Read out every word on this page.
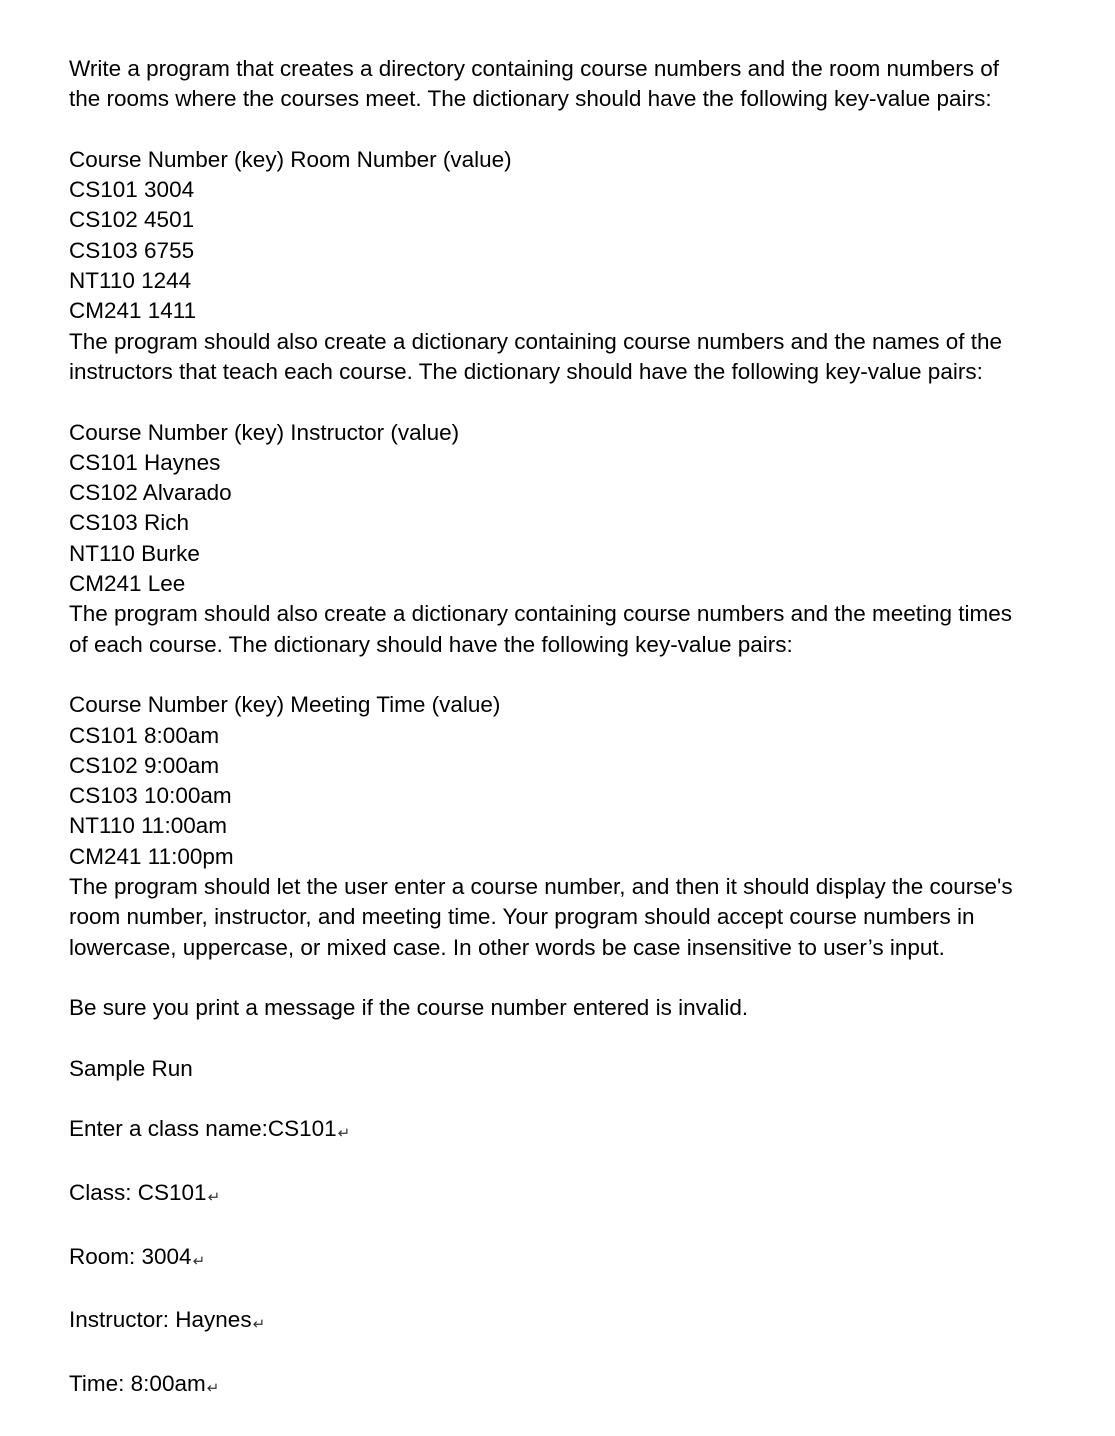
Write a program that creates a directory containing course numbers and the room numbers of
the rooms where the courses meet. The dictionary should have the following key-value pairs:
Course Number (key) Room Number (value)
CS101 3004
CS102 4501
CS103 6755
NT110 1244
CM241 1411
The program should also create a dictionary containing course numbers and the names of the
instructors that teach each course. The dictionary should have the following key-value pairs:
Course Number (key) Instructor (value)
CS101 Haynes
CS102 Alvarado
CS103 Rich
NT110 Burke
CM241 Lee
The program should also create a dictionary containing course numbers and the meeting times
of each course. The dictionary should have the following key-value pairs:
Course Number (key) Meeting Time (value)
CS101 8:00am
CS102 9:00am
CS103 10:00am
NT110 11:00am
CM241 11:00pm
The program should let the user enter a course number, and then it should display the course's
room number, instructor, and meeting time. Your program should accept course numbers in
lowercase, uppercase, or mixed case. In other words be case insensitive to user’s input.
Be sure you print a message if the course number entered is invalid.
Sample Run
Enter a class name:CS101↵
Class: CS101↵
Room: 3004↵
Instructor: Haynes↵
Time: 8:00am↵
